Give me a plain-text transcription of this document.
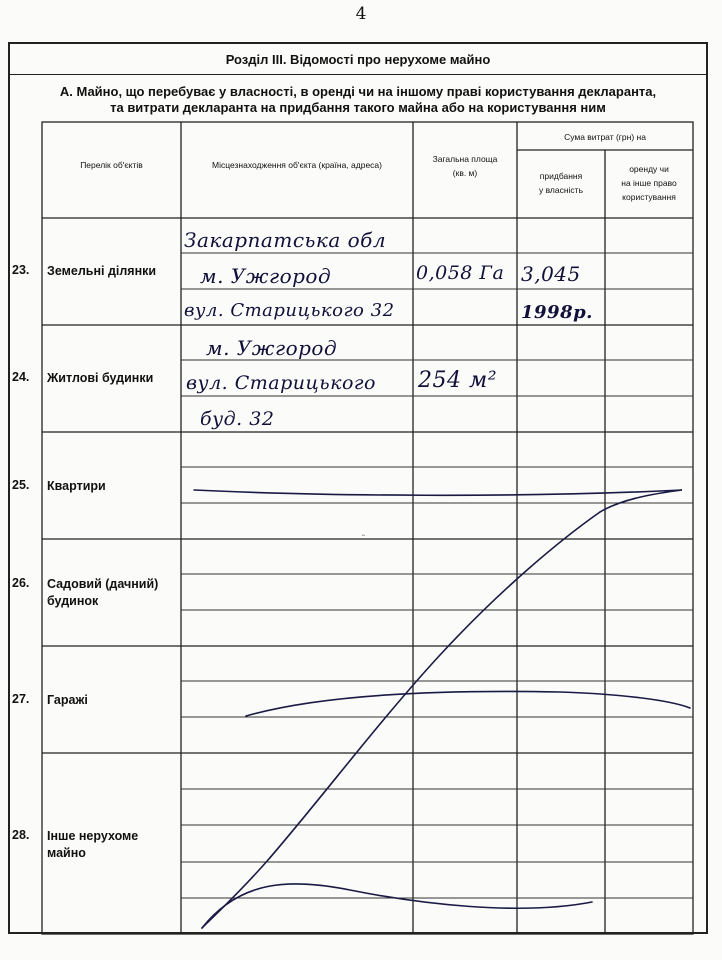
4
Розділ ІІІ. Відомості про нерухоме майно
А. Майно, що перебуває у власності, в оренді чи на іншому праві користування декларанта,
та витрати декларанта на придбання такого майна або на користування ним
Перелік об'єктів	Місцезнаходження об'єкта (країна, адреса)
Загальна площа
(кв. м)
Сума витрат (грн) на
придбання
у власність
оренду чи
на інше право
користування
23. Земельні ділянки
24. Житлові будинки
25. Квартири
26. Садовий (дачний) будинок
27. Гаражі
28. Інше нерухоме майно
Закарпатська обл
м. Ужгород
вул. Старицького 32
0,058 Га 3,045
1998р.
м. Ужгород
вул. Старицького
буд. 32
254 м²
˵
